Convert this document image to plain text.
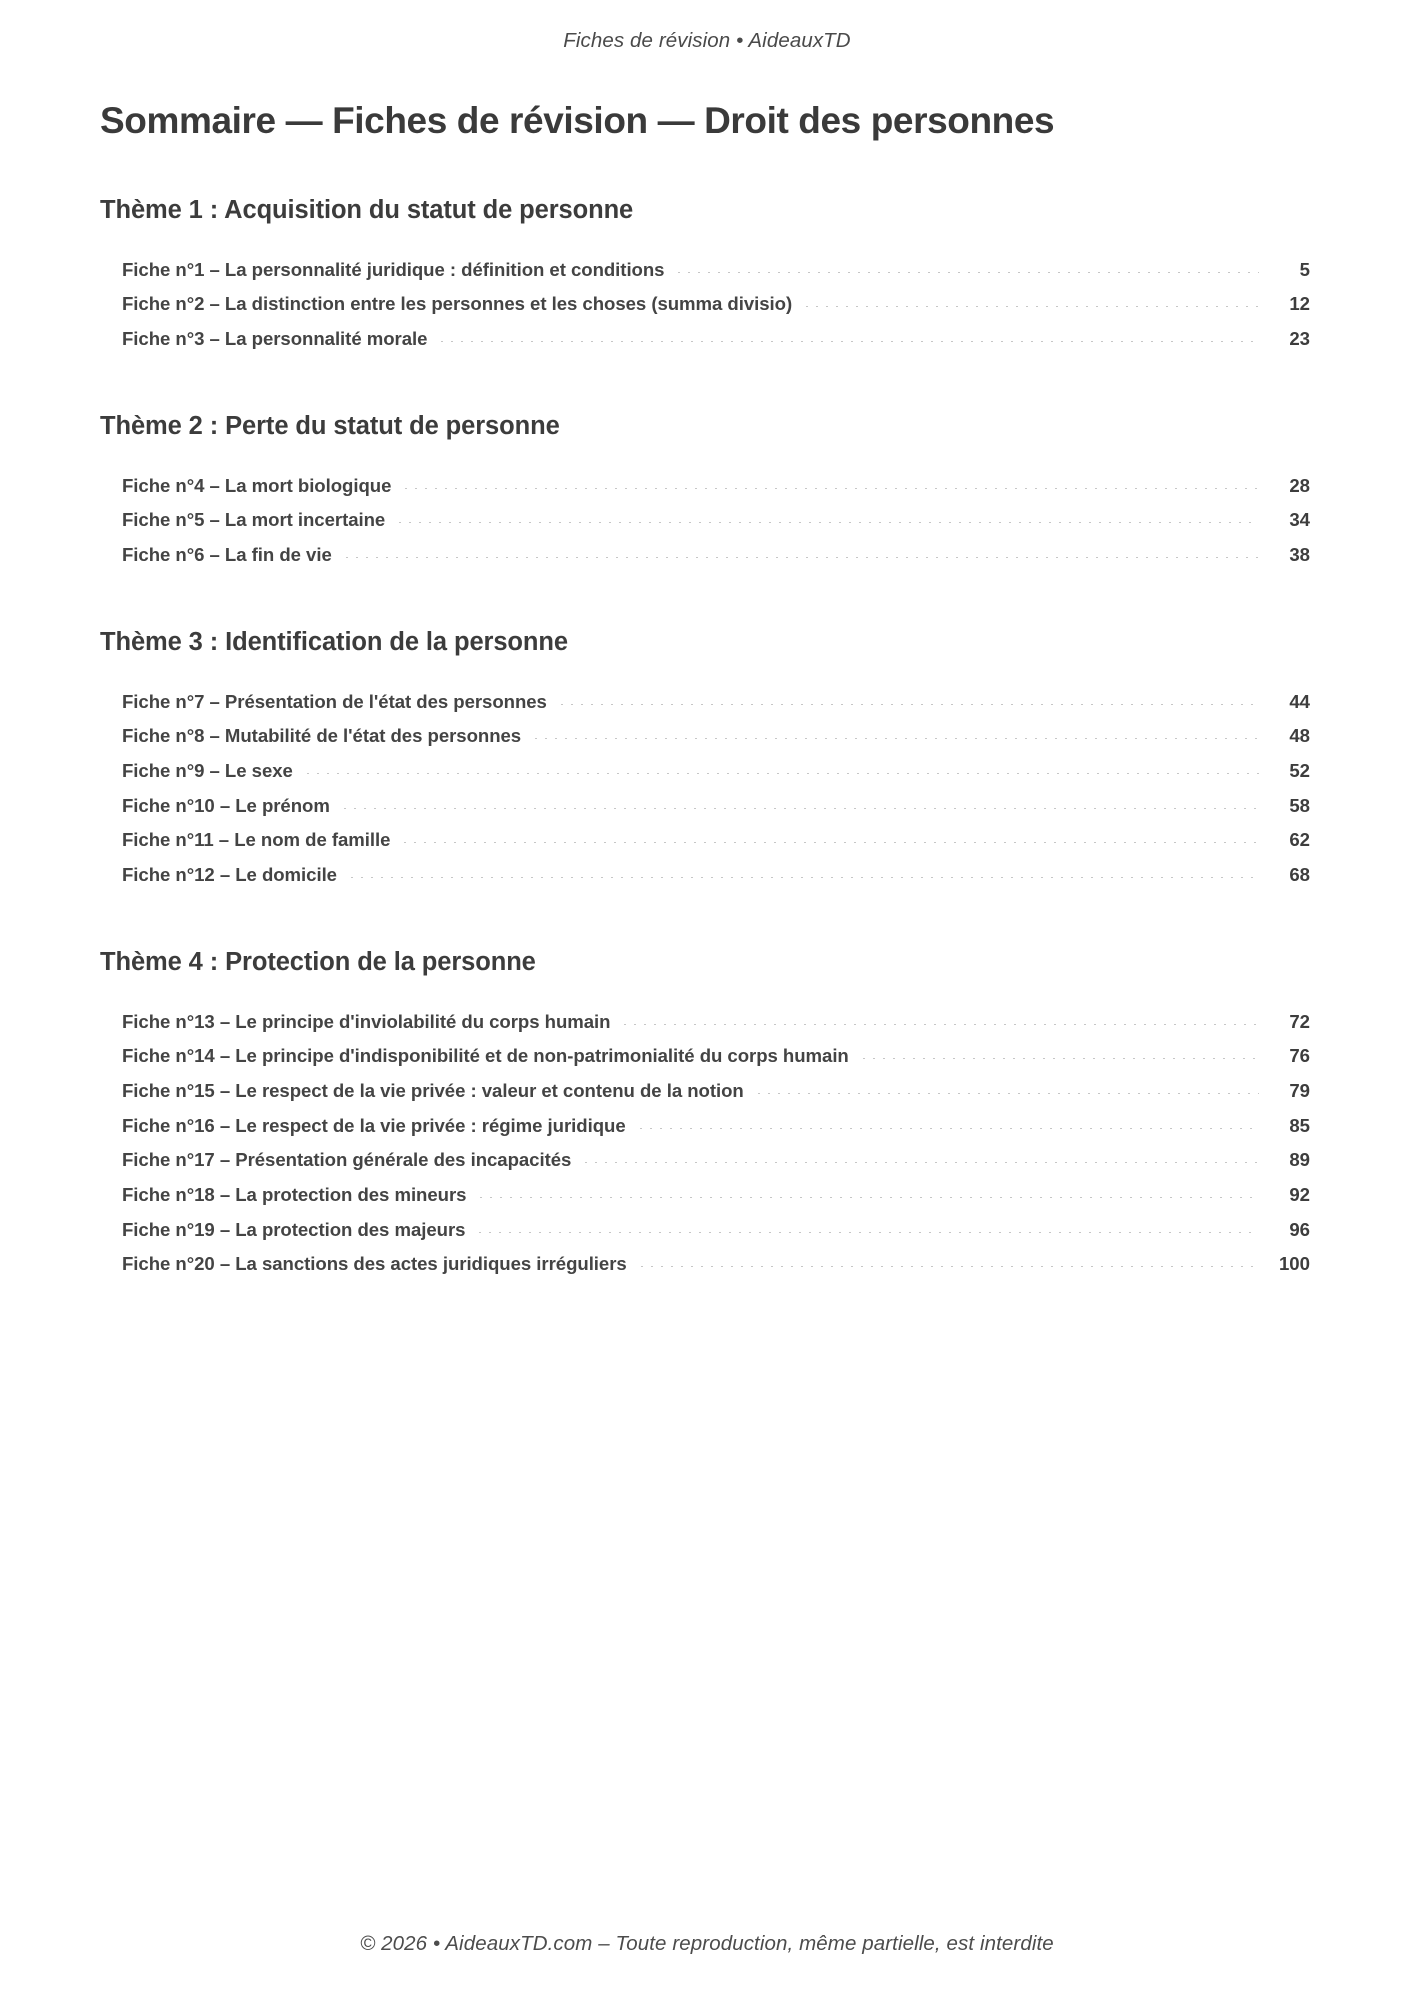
Fiches de révision • AideauxTD
Sommaire — Fiches de révision — Droit des personnes
Thème 1 : Acquisition du statut de personne
Fiche n°1 – La personnalité juridique : définition et conditions	5
Fiche n°2 – La distinction entre les personnes et les choses (summa divisio)	12
Fiche n°3 – La personnalité morale	23
Thème 2 : Perte du statut de personne
Fiche n°4 – La mort biologique	28
Fiche n°5 – La mort incertaine	34
Fiche n°6 – La fin de vie	38
Thème 3 : Identification de la personne
Fiche n°7 – Présentation de l'état des personnes	44
Fiche n°8 – Mutabilité de l'état des personnes	48
Fiche n°9 – Le sexe	52
Fiche n°10 – Le prénom	58
Fiche n°11 – Le nom de famille	62
Fiche n°12 – Le domicile	68
Thème 4 : Protection de la personne
Fiche n°13 – Le principe d'inviolabilité du corps humain	72
Fiche n°14 – Le principe d'indisponibilité et de non-patrimonialité du corps humain	76
Fiche n°15 – Le respect de la vie privée : valeur et contenu de la notion	79
Fiche n°16 – Le respect de la vie privée : régime juridique	85
Fiche n°17 – Présentation générale des incapacités	89
Fiche n°18 – La protection des mineurs	92
Fiche n°19 – La protection des majeurs	96
Fiche n°20 – La sanctions des actes juridiques irréguliers	100
© 2026 • AideauxTD.com – Toute reproduction, même partielle, est interdite
